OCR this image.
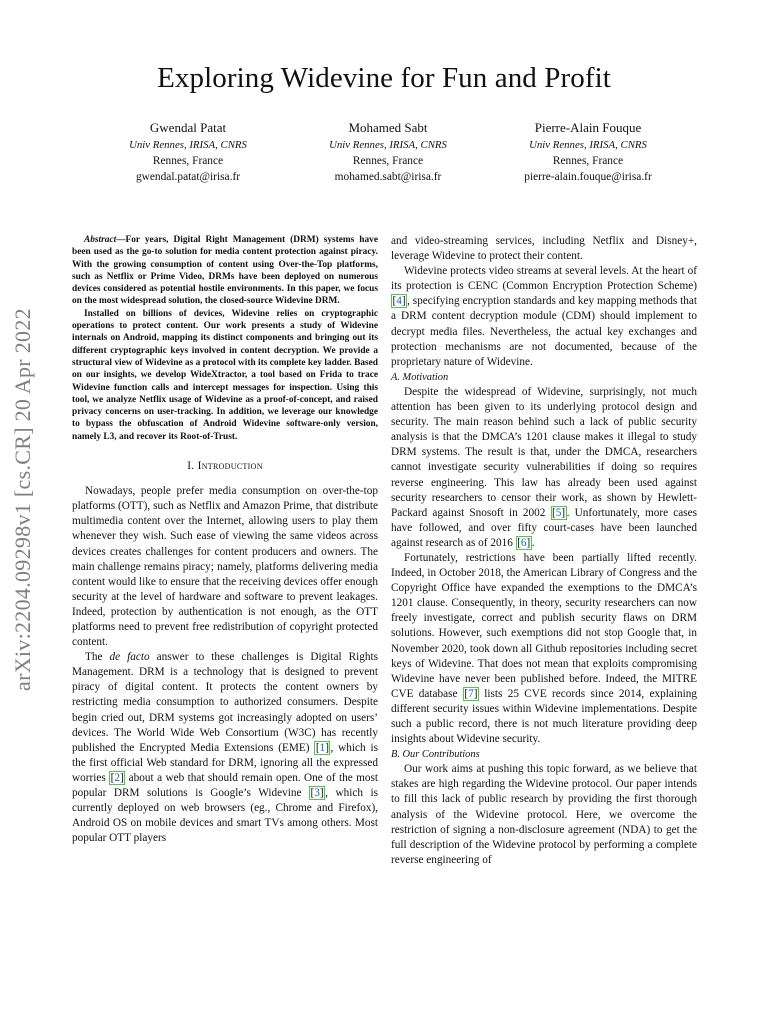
arXiv:2204.09298v1 [cs.CR] 20 Apr 2022
Exploring Widevine for Fun and Profit
Gwendal Patat
Univ Rennes, IRISA, CNRS
Rennes, France
gwendal.patat@irisa.fr
Mohamed Sabt
Univ Rennes, IRISA, CNRS
Rennes, France
mohamed.sabt@irisa.fr
Pierre-Alain Fouque
Univ Rennes, IRISA, CNRS
Rennes, France
pierre-alain.fouque@irisa.fr

Abstract—For years, Digital Right Management (DRM) systems have been used as the go-to solution for media content protection against piracy. With the growing consumption of content using Over-the-Top platforms, such as Netflix or Prime Video, DRMs have been deployed on numerous devices considered as potential hostile environments. In this paper, we focus on the most widespread solution, the closed-source Widevine DRM.

Installed on billions of devices, Widevine relies on cryptographic operations to protect content. Our work presents a study of Widevine internals on Android, mapping its distinct components and bringing out its different cryptographic keys involved in content decryption. We provide a structural view of Widevine as a protocol with its complete key ladder. Based on our insights, we develop WideXtractor, a tool based on Frida to trace Widevine function calls and intercept messages for inspection. Using this tool, we analyze Netflix usage of Widevine as a proof-of-concept, and raised privacy concerns on user-tracking. In addition, we leverage our knowledge to bypass the obfuscation of Android Widevine software-only version, namely L3, and recover its Root-of-Trust.

I. Introduction

Nowadays, people prefer media consumption on over-the-top platforms (OTT), such as Netflix and Amazon Prime, that distribute multimedia content over the Internet, allowing users to play them whenever they wish. Such ease of viewing the same videos across devices creates challenges for content producers and owners. The main challenge remains piracy; namely, platforms delivering media content would like to ensure that the receiving devices offer enough security at the level of hardware and software to prevent leakages. Indeed, protection by authentication is not enough, as the OTT platforms need to prevent free redistribution of copyright protected content.

The de facto answer to these challenges is Digital Rights Management. DRM is a technology that is designed to prevent piracy of digital content. It protects the content owners by restricting media consumption to authorized consumers. Despite begin cried out, DRM systems got increasingly adopted on users’ devices. The World Wide Web Consortium (W3C) has recently published the Encrypted Media Extensions (EME) [ 1 ] , which is the first official Web standard for DRM, ignoring all the expressed worries [ 2 ] about a web that should remain open. One of the most popular DRM solutions is Google’s Widevine [ 3 ] , which is currently deployed on web browsers (eg., Chrome and Firefox), Android OS on mobile devices and smart TVs among others. Most popular OTT players

and video-streaming services, including Netflix and Disney+, leverage Widevine to protect their content.

Widevine protects video streams at several levels. At the heart of its protection is CENC (Common Encryption Protection Scheme) [ 4 ] , specifying encryption standards and key mapping methods that a DRM content decryption module (CDM) should implement to decrypt media files. Nevertheless, the actual key exchanges and protection mechanisms are not documented, because of the proprietary nature of Widevine.

A. Motivation

Despite the widespread of Widevine, surprisingly, not much attention has been given to its underlying protocol design and security. The main reason behind such a lack of public security analysis is that the DMCA’s 1201 clause makes it illegal to study DRM systems. The result is that, under the DMCA, researchers cannot investigate security vulnerabilities if doing so requires reverse engineering. This law has already been used against security researchers to censor their work, as shown by Hewlett-Packard against Snosoft in 2002 [ 5 ] . Unfortunately, more cases have followed, and over fifty court-cases have been launched against research as of 2016 [ 6 ] .

Fortunately, restrictions have been partially lifted recently. Indeed, in October 2018, the American Library of Congress and the Copyright Office have expanded the exemptions to the DMCA’s 1201 clause. Consequently, in theory, security researchers can now freely investigate, correct and publish security flaws on DRM solutions. However, such exemptions did not stop Google that, in November 2020, took down all Github repositories including secret keys of Widevine. That does not mean that exploits compromising Widevine have never been published before. Indeed, the MITRE CVE database [ 7 ] lists 25 CVE records since 2014, explaining different security issues within Widevine implementations. Despite such a public record, there is not much literature providing deep insights about Widevine security.

B. Our Contributions

Our work aims at pushing this topic forward, as we believe that stakes are high regarding the Widevine protocol. Our paper intends to fill this lack of public research by providing the first thorough analysis of the Widevine protocol. Here, we overcome the restriction of signing a non-disclosure agreement (NDA) to get the full description of the Widevine protocol by performing a complete reverse engineering of
